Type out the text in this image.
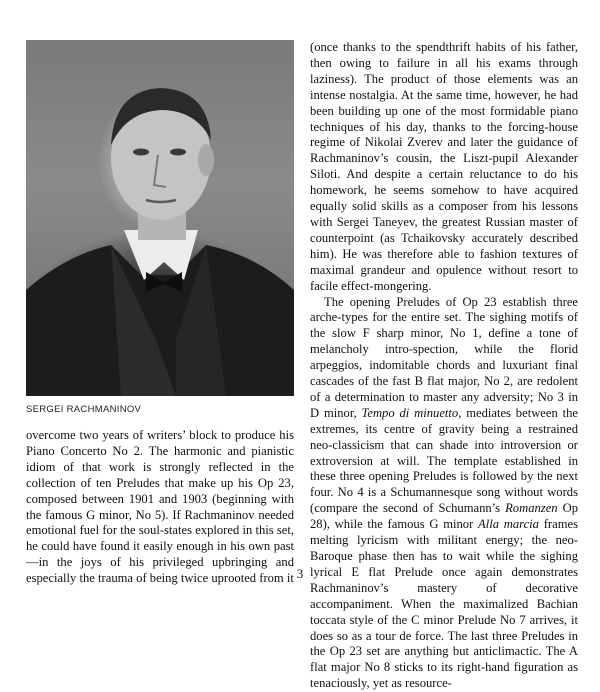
SERGEI RACHMANINOV
overcome two years of writers’ block to produce his Piano Concerto No 2. The harmonic and pianistic idiom of that work is strongly reflected in the collection of ten Preludes that make up his Op 23, composed between 1901 and 1903 (beginning with the famous G minor, No 5). If Rachmaninov needed emotional fuel for the soul-states explored in this set, he could have found it easily enough in his own past—in the joys of his privileged upbringing and especially the trauma of being twice uprooted from it

(once thanks to the spendthrift habits of his father, then owing to failure in all his exams through laziness). The product of those elements was an intense nostalgia. At the same time, however, he had been building up one of the most formidable piano techniques of his day, thanks to the forcing-house regime of Nikolai Zverev and later the guidance of Rachmaninov’s cousin, the Liszt-pupil Alexander Siloti. And despite a certain reluctance to do his homework, he seems somehow to have acquired equally solid skills as a composer from his lessons with Sergei Taneyev, the greatest Russian master of counterpoint (as Tchaikovsky accurately described him). He was therefore able to fashion textures of maximal grandeur and opulence without resort to facile effect-mongering.

The opening Preludes of Op 23 establish three arche-types for the entire set. The sighing motifs of the slow F sharp minor, No 1, define a tone of melancholy intro-spection, while the florid arpeggios, indomitable chords and luxuriant final cascades of the fast B flat major, No 2, are redolent of a determination to master any adversity; No 3 in D minor, Tempo di minuetto, mediates between the extremes, its centre of gravity being a restrained neo-classicism that can shade into introversion or extroversion at will. The template established in these three opening Preludes is followed by the next four. No 4 is a Schumannesque song without words (compare the second of Schumann’s Romanzen Op 28), while the famous G minor Alla marcia frames melting lyricism with militant energy; the neo-Baroque phase then has to wait while the sighing lyrical E flat Prelude once again demonstrates Rachmaninov’s mastery of decorative accompaniment. When the maximalized Bachian toccata style of the C minor Prelude No 7 arrives, it does so as a tour de force. The last three Preludes in the Op 23 set are anything but anticlimactic. The A flat major No 8 sticks to its right-hand figuration as tenaciously, yet as resource-

3
